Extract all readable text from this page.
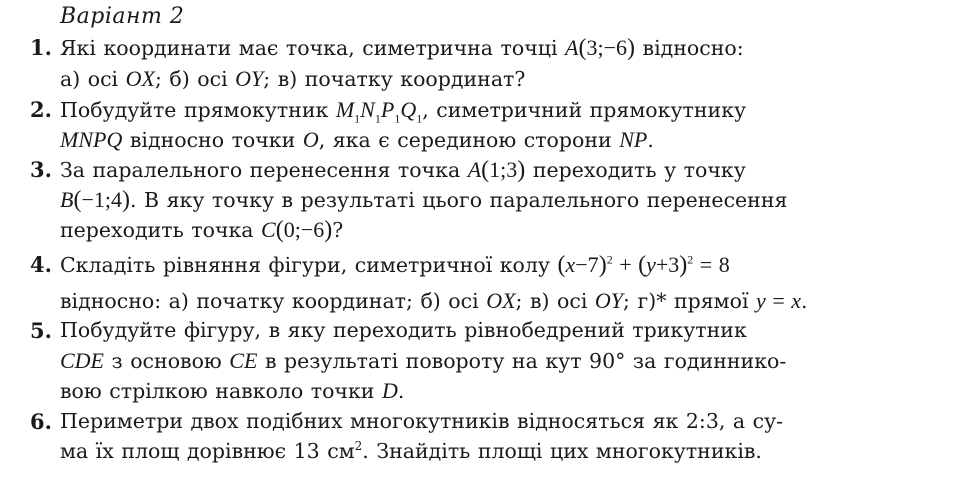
Варіант 2
1. Які координати має точка, симетрична точці A(3;−6) відносно:
а) осі OX; б) осі OY; в) початку координат?
2. Побудуйте прямокутник $M_1N_1P_1Q_1$, симетричний прямокутнику
MNPQ відносно точки O, яка є серединою сторони NP.
3. За паралельного перенесення точка A(1;3) переходить у точку
B(−1;4). В яку точку в результаті цього паралельного перенесення
переходить точка C(0;−6)?
4. Складіть рівняння фігури, симетричної колу $(x-7)^2 + (y+3)^2 = 8$
відносно: а) початку координат; б) осі OX; в) осі OY; г)* прямої y = x.
5. Побудуйте фігуру, в яку переходить рівнобедрений трикутник
CDE з основою CE в результаті повороту на кут 90° за годиннико-
вою стрілкою навколо точки D.
6. Периметри двох подібних многокутників відносяться як 2:3, а су-
ма їх площ дорівнює 13 $см^2$. Знайдіть площі цих многокутників.
